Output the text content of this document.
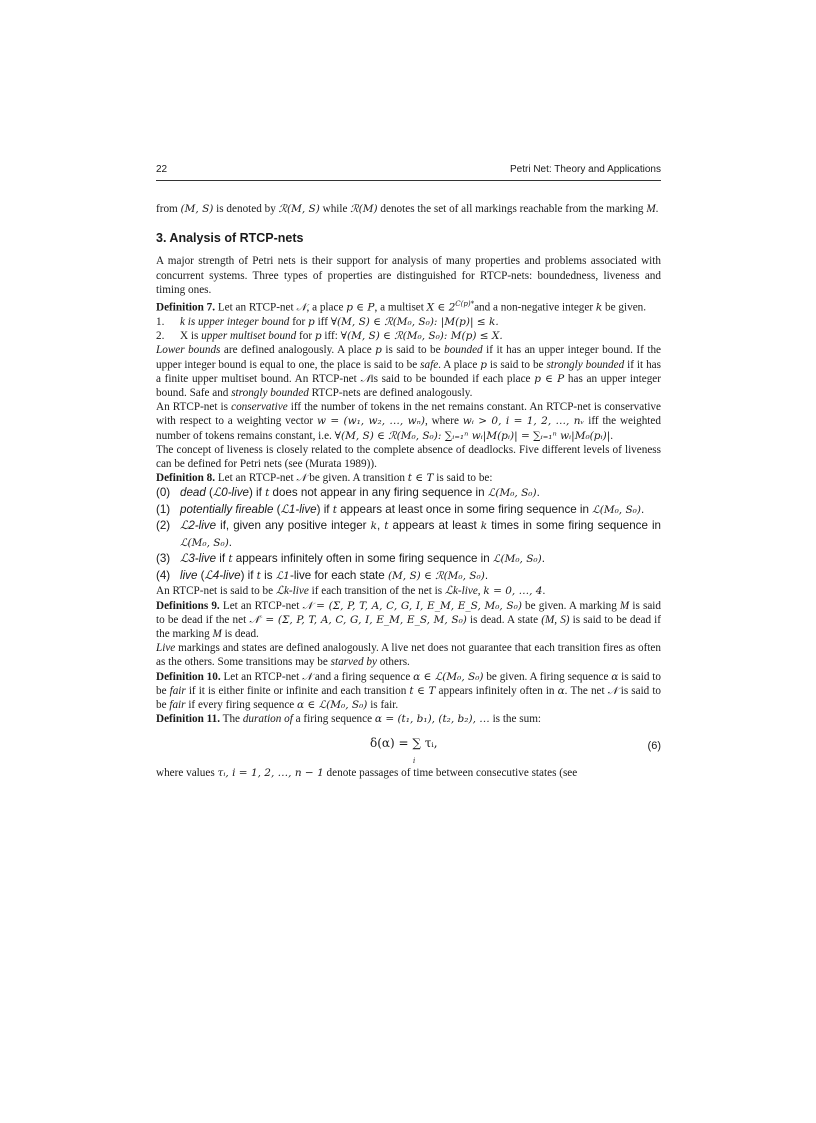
22	Petri Net: Theory and Applications

from (M, S) is denoted by ℛ(M, S) while ℛ(M) denotes the set of all markings reachable from the marking M.

3. Analysis of RTCP-nets

A major strength of Petri nets is their support for analysis of many properties and problems associated with concurrent systems. Three types of properties are distinguished for RTCP-nets: boundedness, liveness and timing ones.

Definition 7. Let an RTCP-net 𝒩, a place p ∈ P, a multiset X ∈ $2^{C(p)*}and$ a non-negative integer k be given.

1. k is upper integer bound for p iff ∀(M, S) ∈ ℛ(M₀, S₀): |M(p)| ≤ k.
2. X is upper multiset bound for p iff: ∀(M, S) ∈ ℛ(M₀, S₀): M(p) ≤ X.

Lower bounds are defined analogously. A place p is said to be bounded if it has an upper integer bound. If the upper integer bound is equal to one, the place is said to be safe. A place p is said to be strongly bounded if it has a finite upper multiset bound. An RTCP-net 𝒩is said to be bounded if each place p ∈ P has an upper integer bound. Safe and strongly bounded RTCP-nets are defined analogously.

An RTCP-net is conservative iff the number of tokens in the net remains constant. An RTCP-net is conservative with respect to a weighting vector w = (w₁, w₂, …, wₙ), where wᵢ > 0, i = 1, 2, …, nᵥ iff the weighted number of tokens remains constant, i.e. ∀(M, S) ∈ ℛ(M₀, S₀): ∑ᵢ₌₁ⁿ wᵢ|M(pᵢ)| = ∑ᵢ₌₁ⁿ wᵢ|M₀(pᵢ)|.

The concept of liveness is closely related to the complete absence of deadlocks. Five different levels of liveness can be defined for Petri nets (see (Murata 1989)).

Definition 8. Let an RTCP-net 𝒩 be given. A transition t ∈ T is said to be:

(0) dead (ℒ0-live) if t does not appear in any firing sequence in ℒ(M₀, S₀).
(1) potentially fireable (ℒ1-live) if t appears at least once in some firing sequence in ℒ(M₀, S₀).
(2) ℒ2-live if, given any positive integer k, t appears at least k times in some firing sequence in ℒ(M₀, S₀).
(3) ℒ3-live if t appears infinitely often in some firing sequence in ℒ(M₀, S₀).
(4) live (ℒ4-live) if t is ℒ1-live for each state (M, S) ∈ ℛ(M₀, S₀).

An RTCP-net is said to be ℒk-live if each transition of the net is ℒk-live, k = 0, …, 4.

Definitions 9. Let an RTCP-net 𝒩 = (Σ, P, T, A, C, G, I, E_M, E_S, M₀, S₀) be given. A marking M is said to be dead if the net 𝒩′ = (Σ, P, T, A, C, G, I, E_M, E_S, M, S₀) is dead. A state (M, S) is said to be dead if the marking M is dead.

Live markings and states are defined analogously. A live net does not guarantee that each transition fires as often as the others. Some transitions may be starved by others.

Definition 10. Let an RTCP-net 𝒩 and a firing sequence α ∈ ℒ(M₀, S₀) be given. A firing sequence α is said to be fair if it is either finite or infinite and each transition t ∈ T appears infinitely often in α. The net 𝒩 is said to be fair if every firing sequence α ∈ ℒ(M₀, S₀) is fair.

Definition 11. The duration of a firing sequence α = (t₁, b₁), (t₂, b₂), … is the sum:

δ(α) = ∑ τᵢ,
i
(6)

where values τᵢ, i = 1, 2, …, n − 1 denote passages of time between consecutive states (see
